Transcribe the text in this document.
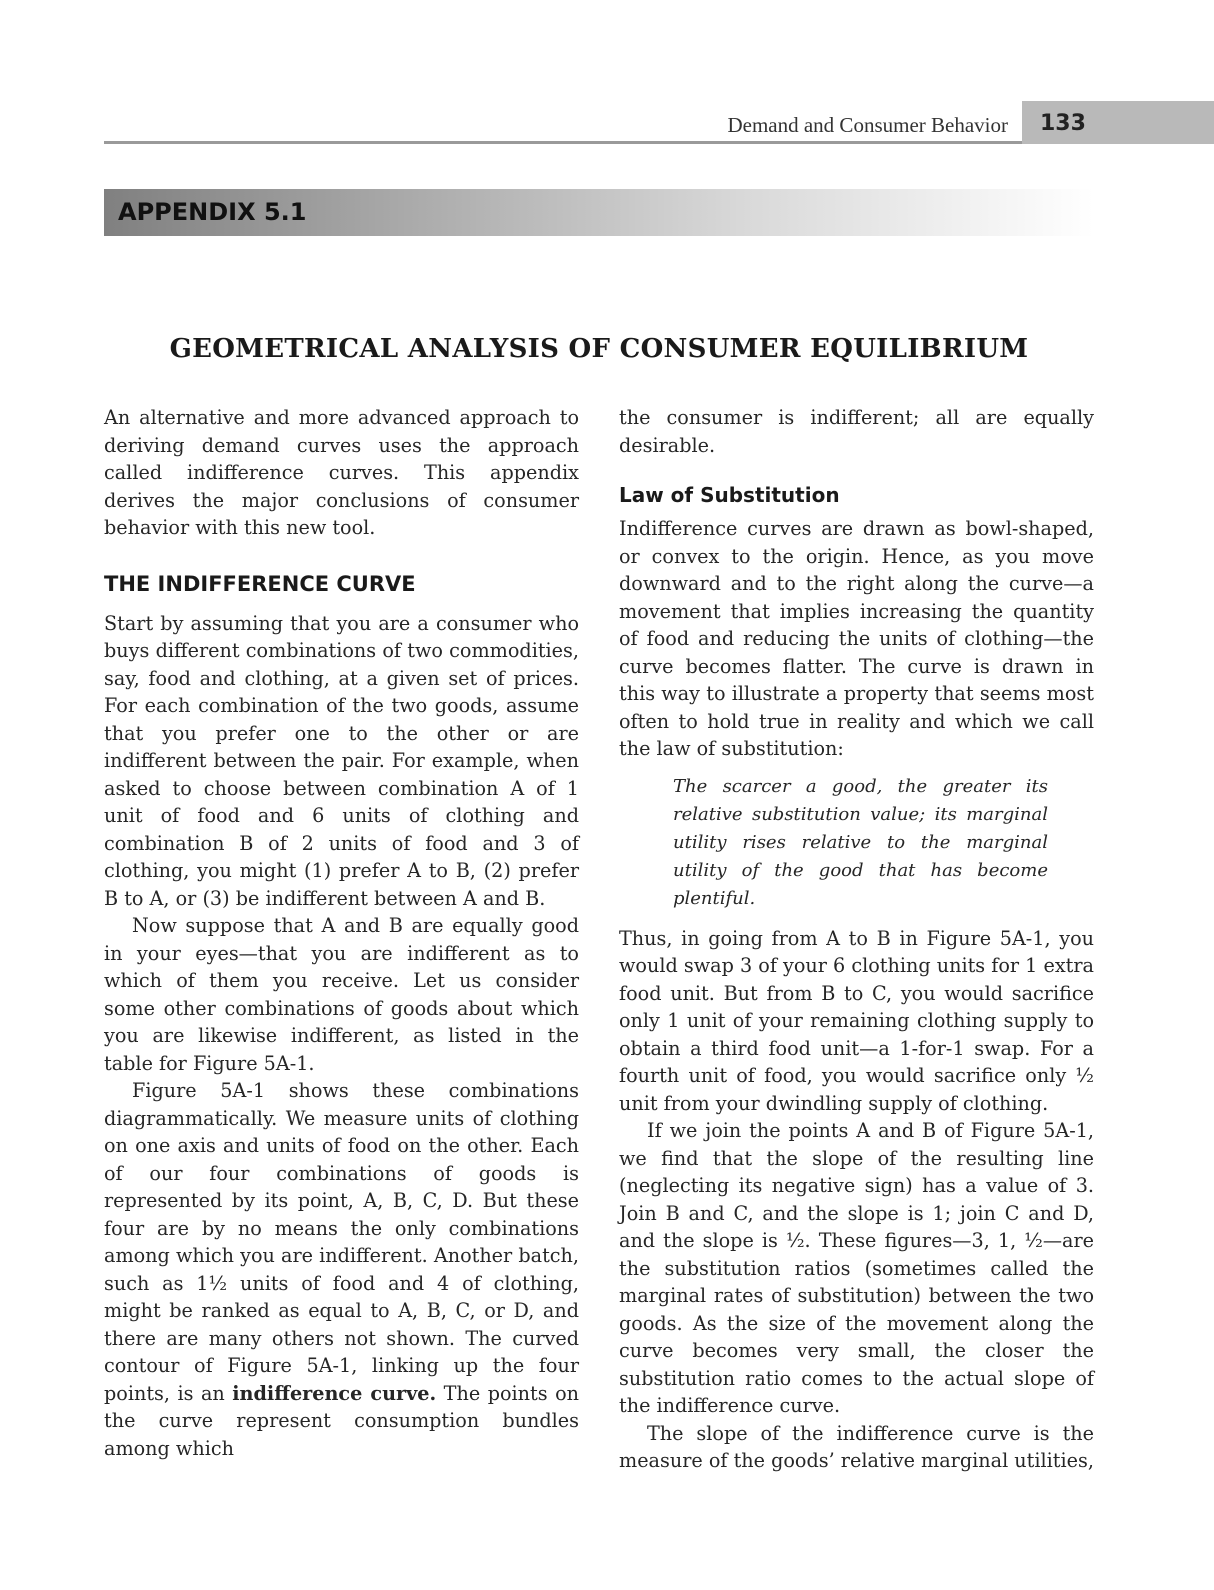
Demand and Consumer Behavior 133
APPENDIX 5.1
GEOMETRICAL ANALYSIS OF CONSUMER EQUILIBRIUM

An alternative and more advanced approach to deriving demand curves uses the approach called indifference curves. This appendix derives the major conclusions of consumer behavior with this new tool.

THE INDIFFERENCE CURVE

Start by assuming that you are a consumer who buys different combinations of two commodities, say, food and clothing, at a given set of prices. For each combination of the two goods, assume that you prefer one to the other or are indifferent between the pair. For example, when asked to choose between combination A of 1 unit of food and 6 units of clothing and combination B of 2 units of food and 3 of clothing, you might (1) prefer A to B, (2) prefer B to A, or (3) be indifferent between A and B.

Now suppose that A and B are equally good in your eyes—that you are indifferent as to which of them you receive. Let us consider some other combinations of goods about which you are likewise indifferent, as listed in the table for Figure 5A-1.

Figure 5A-1 shows these combinations diagrammatically. We measure units of clothing on one axis and units of food on the other. Each of our four combinations of goods is represented by its point, A, B, C, D. But these four are by no means the only combinations among which you are indifferent. Another batch, such as 1½ units of food and 4 of clothing, might be ranked as equal to A, B, C, or D, and there are many others not shown. The curved contour of Figure 5A-1, linking up the four points, is an indifference curve. The points on the curve represent consumption bundles among which

the consumer is indifferent; all are equally desirable.

Law of Substitution

Indifference curves are drawn as bowl-shaped, or convex to the origin. Hence, as you move downward and to the right along the curve—a movement that implies increasing the quantity of food and reducing the units of clothing—the curve becomes flatter. The curve is drawn in this way to illustrate a property that seems most often to hold true in reality and which we call the law of substitution:

The scarcer a good, the greater its relative substitution value; its marginal utility rises relative to the marginal utility of the good that has become plentiful.

Thus, in going from A to B in Figure 5A-1, you would swap 3 of your 6 clothing units for 1 extra food unit. But from B to C, you would sacrifice only 1 unit of your remaining clothing supply to obtain a third food unit—a 1-for-1 swap. For a fourth unit of food, you would sacrifice only ½ unit from your dwindling supply of clothing.

If we join the points A and B of Figure 5A-1, we find that the slope of the resulting line (neglecting its negative sign) has a value of 3. Join B and C, and the slope is 1; join C and D, and the slope is ½. These figures—3, 1, ½—are the substitution ratios (sometimes called the marginal rates of substitution) between the two goods. As the size of the movement along the curve becomes very small, the closer the substitution ratio comes to the actual slope of the indifference curve.

The slope of the indifference curve is the measure of the goods’ relative marginal utilities,
